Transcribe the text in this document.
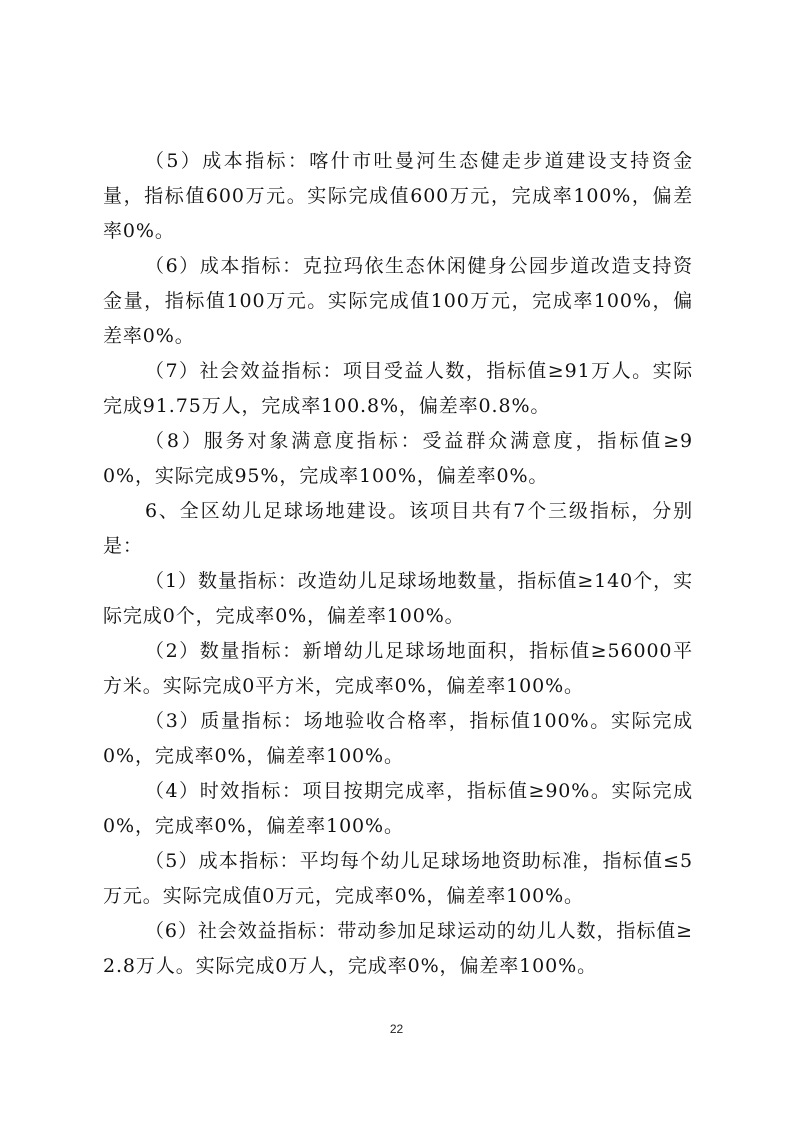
（5）成本指标：喀什市吐曼河生态健走步道建设支持资金量，指标值600万元。实际完成值600万元，完成率100%，偏差率0%。

（6）成本指标：克拉玛依生态休闲健身公园步道改造支持资金量，指标值100万元。实际完成值100万元，完成率100%，偏差率0%。

（7）社会效益指标：项目受益人数，指标值≥91万人。实际完成91.75万人，完成率100.8%，偏差率0.8%。

（8）服务对象满意度指标：受益群众满意度，指标值≥90%，实际完成95%，完成率100%，偏差率0%。

6、全区幼儿足球场地建设。该项目共有7个三级指标，分别是：

（1）数量指标：改造幼儿足球场地数量，指标值≥140个，实际完成0个，完成率0%，偏差率100%。

（2）数量指标：新增幼儿足球场地面积，指标值≥56000平方米。实际完成0平方米，完成率0%，偏差率100%。

（3）质量指标：场地验收合格率，指标值100%。实际完成0%，完成率0%，偏差率100%。

（4）时效指标：项目按期完成率，指标值≥90%。实际完成0%，完成率0%，偏差率100%。

（5）成本指标：平均每个幼儿足球场地资助标准，指标值≤5万元。实际完成值0万元，完成率0%，偏差率100%。

（6）社会效益指标：带动参加足球运动的幼儿人数，指标值≥2.8万人。实际完成0万人，完成率0%，偏差率100%。

22
